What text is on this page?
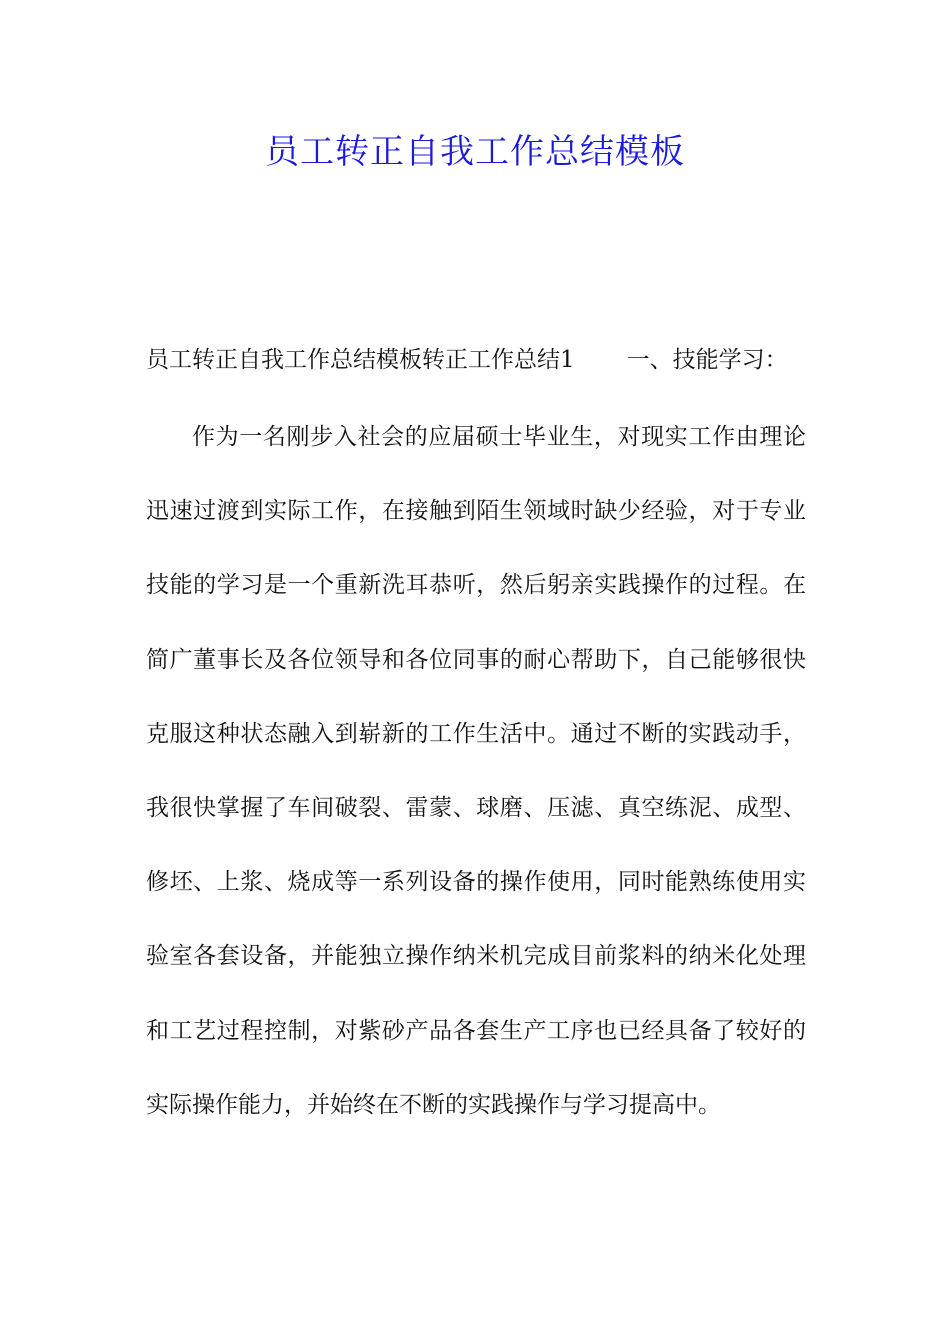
员工转正自我工作总结模板
员工转正自我工作总结模板转正工作总结1 一、技能学习：

作为一名刚步入社会的应届硕士毕业生，对现实工作由理论迅速过渡到实际工作，在接触到陌生领域时缺少经验，对于专业技能的学习是一个重新洗耳恭听，然后躬亲实践操作的过程。在简广董事长及各位领导和各位同事的耐心帮助下，自己能够很快克服这种状态融入到崭新的工作生活中。通过不断的实践动手，我很快掌握了车间破裂、雷蒙、球磨、压滤、真空练泥、成型、修坯、上浆、烧成等一系列设备的操作使用，同时能熟练使用实验室各套设备，并能独立操作纳米机完成目前浆料的纳米化处理和工艺过程控制，对紫砂产品各套生产工序也已经具备了较好的实际操作能力，并始终在不断的实践操作与学习提高中。
